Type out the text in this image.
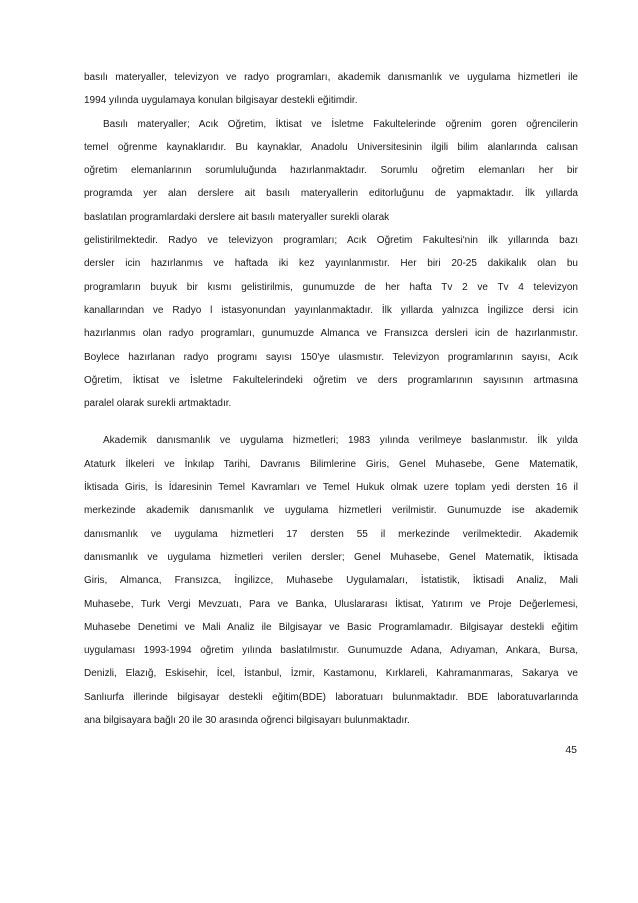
basılı materyaller, televizyon ve radyo programları, akademik danısmanlık ve uygulama hizmetleri ile
1994 yılında uygulamaya konulan bilgisayar destekli eğitimdir.
Basılı materyaller; Acık Oğretim, İktisat ve İsletme Fakultelerinde oğrenim goren oğrencilerin
temel oğrenme kaynaklarıdır. Bu kaynaklar, Anadolu Universitesinin ilgili bilim alanlarında calısan
oğretim elemanlarının sorumluluğunda hazırlanmaktadır. Sorumlu oğretim elemanları her bir
programda yer alan derslere ait basılı materyallerin editorluğunu de yapmaktadır. İlk yıllarda
baslatılan programlardaki derslere ait basılı materyaller surekli olarak
gelistirilmektedir. Radyo ve televizyon programları; Acık Oğretim Fakultesi'nin ilk yıllarında bazı
dersler icin hazırlanmıs ve haftada iki kez yayınlanmıstır. Her biri 20-25 dakikalık olan bu
programların buyuk bir kısmı gelistirilmis, gunumuzde de her hafta Tv 2 ve Tv 4 televizyon
kanallarından ve Radyo l istasyonundan yayınlanmaktadır. İlk yıllarda yalnızca İngilizce dersi icin
hazırlanmıs olan radyo programları, gunumuzde Almanca ve Fransızca dersleri icin de hazırlanmıstır.
Boylece hazırlanan radyo programı sayısı 150'ye ulasmıstır. Televizyon programlarının sayısı, Acık
Oğretim, İktisat ve İsletme Fakultelerindeki oğretim ve ders programlarının sayısının artmasına
paralel olarak surekli artmaktadır.
Akademik danısmanlık ve uygulama hizmetleri; 1983 yılında verilmeye baslanmıstır. İlk yılda
Ataturk İlkeleri ve İnkılap Tarihi, Davranıs Bilimlerine Giris, Genel Muhasebe, Gene Matematik,
İktisada Giris, İs İdaresinin Temel Kavramları ve Temel Hukuk olmak uzere toplam yedi dersten 16 il
merkezinde akademik danısmanlık ve uygulama hizmetleri verilmistir. Gunumuzde ise akademik
danısmanlık ve uygulama hizmetleri 17 dersten 55 il merkezinde verilmektedir. Akademik
danısmanlık ve uygulama hizmetleri verilen dersler; Genel Muhasebe, Genel Matematik, İktisada
Giris, Almanca, Fransızca, İngilizce, Muhasebe Uygulamaları, İstatistik, İktisadi Analiz, Mali
Muhasebe, Turk Vergi Mevzuatı, Para ve Banka, Uluslararası İktisat, Yatırım ve Proje Değerlemesi,
Muhasebe Denetimi ve Mali Analiz ile Bilgisayar ve Basic Programlamadır. Bilgisayar destekli eğitim
uygulaması 1993-1994 oğretim yılında baslatılmıstır. Gunumuzde Adana, Adıyaman, Ankara, Bursa,
Denizli, Elazığ, Eskisehir, İcel, İstanbul, İzmir, Kastamonu, Kırklareli, Kahramanmaras, Sakarya ve
Sanlıurfa illerinde bilgisayar destekli eğitim(BDE) laboratuarı bulunmaktadır. BDE laboratuvarlarında
ana bilgisayara bağlı 20 ile 30 arasında oğrenci bilgisayarı bulunmaktadır.
45
